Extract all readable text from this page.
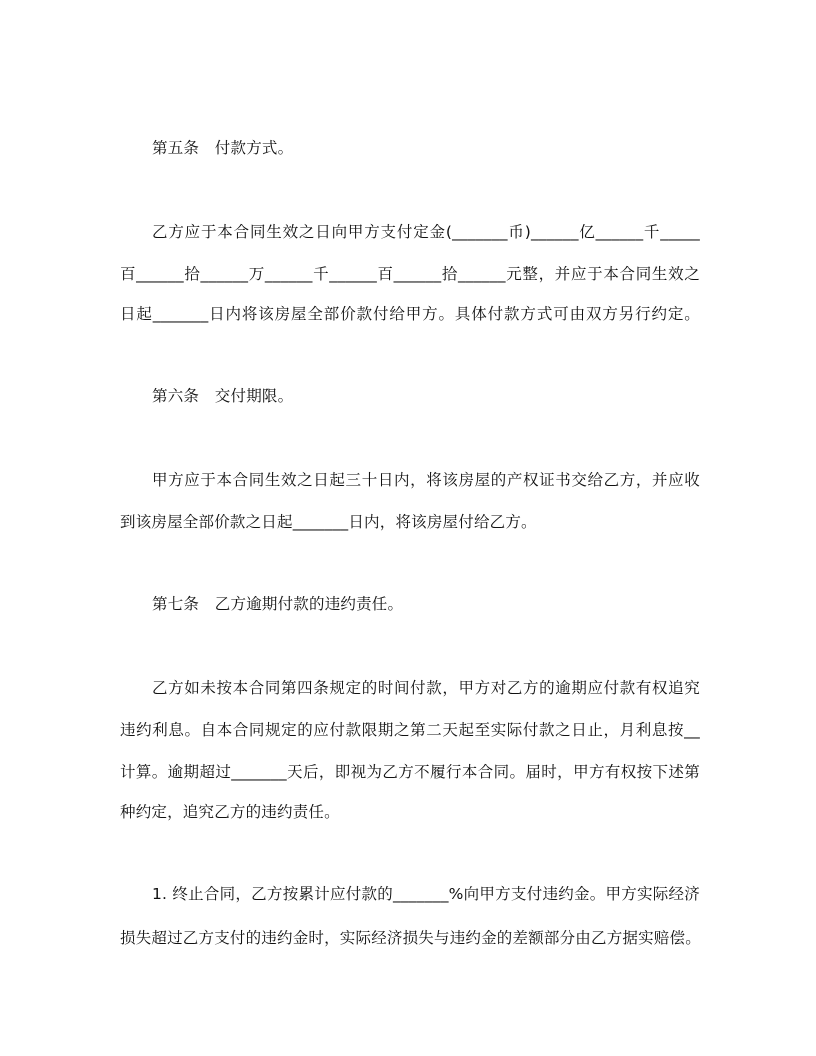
第五条　付款方式。
乙方应于本合同生效之日向甲方支付定金(_______币)______亿______千_____
百______拾______万______千______百______拾______元整，并应于本合同生效之
日起_______日内将该房屋全部价款付给甲方。具体付款方式可由双方另行约定。
第六条　交付期限。
甲方应于本合同生效之日起三十日内，将该房屋的产权证书交给乙方，并应收
到该房屋全部价款之日起_______日内，将该房屋付给乙方。
第七条　乙方逾期付款的违约责任。
乙方如未按本合同第四条规定的时间付款，甲方对乙方的逾期应付款有权追究
违约利息。自本合同规定的应付款限期之第二天起至实际付款之日止，月利息按__
计算。逾期超过_______天后，即视为乙方不履行本合同。届时，甲方有权按下述第
种约定，追究乙方的违约责任。
1. 终止合同，乙方按累计应付款的_______%向甲方支付违约金。甲方实际经济
损失超过乙方支付的违约金时，实际经济损失与违约金的差额部分由乙方据实赔偿。
